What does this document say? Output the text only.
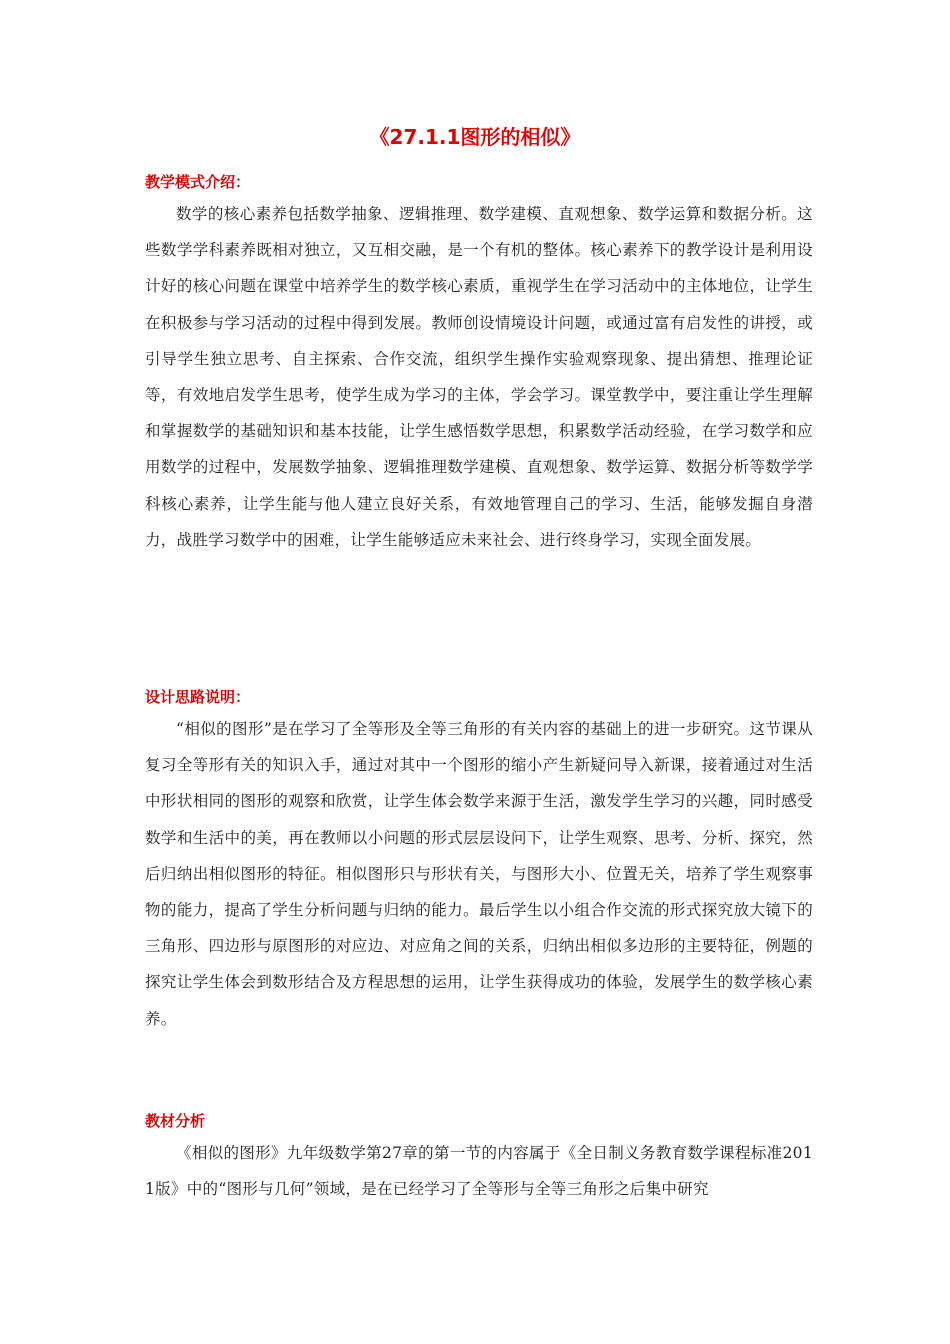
《27.1.1图形的相似》
教学模式介绍：

数学的核心素养包括数学抽象、逻辑推理、数学建模、直观想象、数学运算和数据分析。这些数学学科素养既相对独立，又互相交融，是一个有机的整体。核心素养下的教学设计是利用设计好的核心问题在课堂中培养学生的数学核心素质，重视学生在学习活动中的主体地位，让学生在积极参与学习活动的过程中得到发展。教师创设情境设计问题，或通过富有启发性的讲授，或引导学生独立思考、自主探索、合作交流，组织学生操作实验观察现象、提出猜想、推理论证等，有效地启发学生思考，使学生成为学习的主体，学会学习。课堂教学中，要注重让学生理解和掌握数学的基础知识和基本技能，让学生感悟数学思想，积累数学活动经验，在学习数学和应用数学的过程中，发展数学抽象、逻辑推理数学建模、直观想象、数学运算、数据分析等数学学科核心素养，让学生能与他人建立良好关系，有效地管理自己的学习、生活，能够发掘自身潜力，战胜学习数学中的困难，让学生能够适应未来社会、进行终身学习，实现全面发展。

设计思路说明：

“相似的图形”是在学习了全等形及全等三角形的有关内容的基础上的进一步研究。这节课从复习全等形有关的知识入手，通过对其中一个图形的缩小产生新疑问导入新课，接着通过对生活中形状相同的图形的观察和欣赏，让学生体会数学来源于生活，激发学生学习的兴趣，同时感受数学和生活中的美，再在教师以小问题的形式层层设问下，让学生观察、思考、分析、探究，然后归纳出相似图形的特征。相似图形只与形状有关，与图形大小、位置无关，培养了学生观察事物的能力，提高了学生分析问题与归纳的能力。最后学生以小组合作交流的形式探究放大镜下的三角形、四边形与原图形的对应边、对应角之间的关系，归纳出相似多边形的主要特征，例题的探究让学生体会到数形结合及方程思想的运用，让学生获得成功的体验，发展学生的数学核心素养。

教材分析

《相似的图形》九年级数学第27章的第一节的内容属于《全日制义务教育数学课程标准2011版》中的“图形与几何”领域，是在已经学习了全等形与全等三角形之后集中研究
